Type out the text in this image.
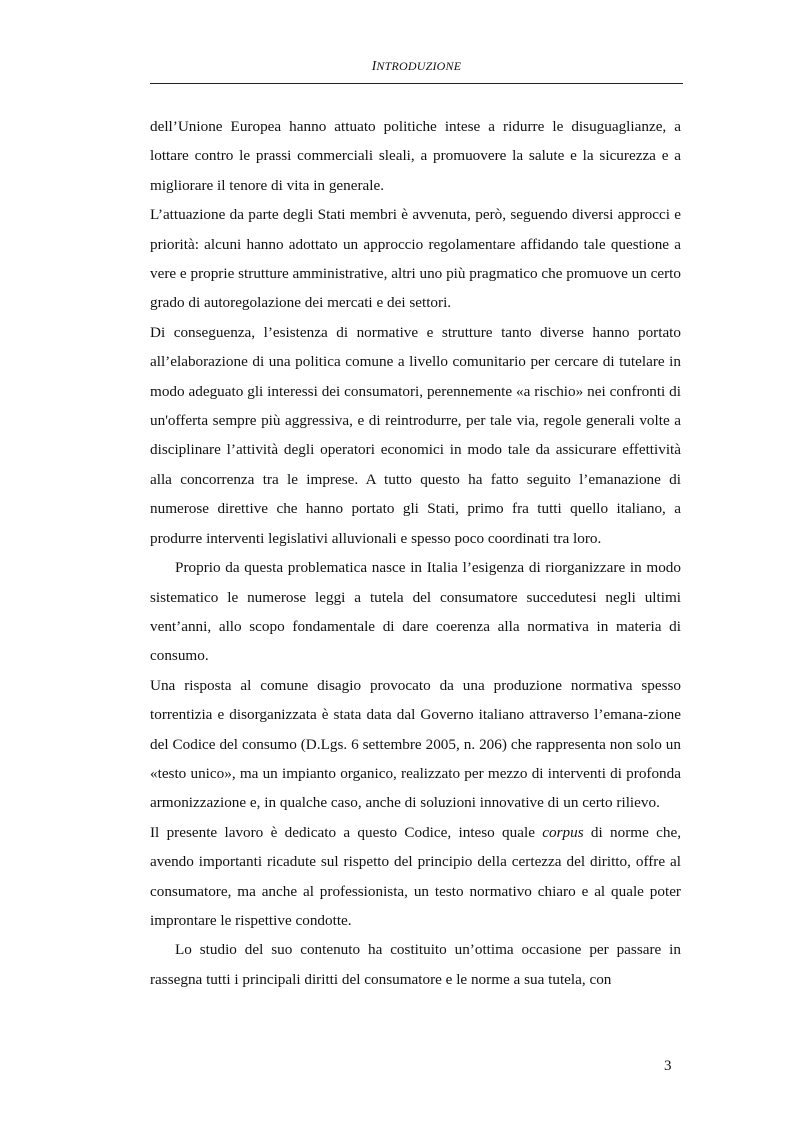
INTRODUZIONE

dell’Unione Europea hanno attuato politiche intese a ridurre le disuguaglianze, a lottare contro le prassi commerciali sleali, a promuovere la salute e la sicurezza e a migliorare il tenore di vita in generale.

L’attuazione da parte degli Stati membri è avvenuta, però, seguendo diversi approcci e priorità: alcuni hanno adottato un approccio regolamentare affidando tale questione a vere e proprie strutture amministrative, altri uno più pragmatico che promuove un certo grado di autoregolazione dei mercati e dei settori.

Di conseguenza, l’esistenza di normative e strutture tanto diverse hanno portato all’elaborazione di una politica comune a livello comunitario per cercare di tutelare in modo adeguato gli interessi dei consumatori, perennemente «a rischio» nei confronti di un'offerta sempre più aggressiva, e di reintrodurre, per tale via, regole generali volte a disciplinare l’attività degli operatori economici in modo tale da assicurare effettività alla concorrenza tra le imprese. A tutto questo ha fatto seguito l’emanazione di numerose direttive che hanno portato gli Stati, primo fra tutti quello italiano, a produrre interventi legislativi alluvionali e spesso poco coordinati tra loro.

Proprio da questa problematica nasce in Italia l’esigenza di riorganizzare in modo sistematico le numerose leggi a tutela del consumatore succedutesi negli ultimi vent’anni, allo scopo fondamentale di dare coerenza alla normativa in materia di consumo.

Una risposta al comune disagio provocato da una produzione normativa spesso torrentizia e disorganizzata è stata data dal Governo italiano attraverso l’emana-zione del Codice del consumo (D.Lgs. 6 settembre 2005, n. 206) che rappresenta non solo un «testo unico», ma un impianto organico, realizzato per mezzo di interventi di profonda armonizzazione e, in qualche caso, anche di soluzioni innovative di un certo rilievo.

Il presente lavoro è dedicato a questo Codice, inteso quale corpus di norme che, avendo importanti ricadute sul rispetto del principio della certezza del diritto, offre al consumatore, ma anche al professionista, un testo normativo chiaro e al quale poter improntare le rispettive condotte.

Lo studio del suo contenuto ha costituito un’ottima occasione per passare in rassegna tutti i principali diritti del consumatore e le norme a sua tutela, con

3
